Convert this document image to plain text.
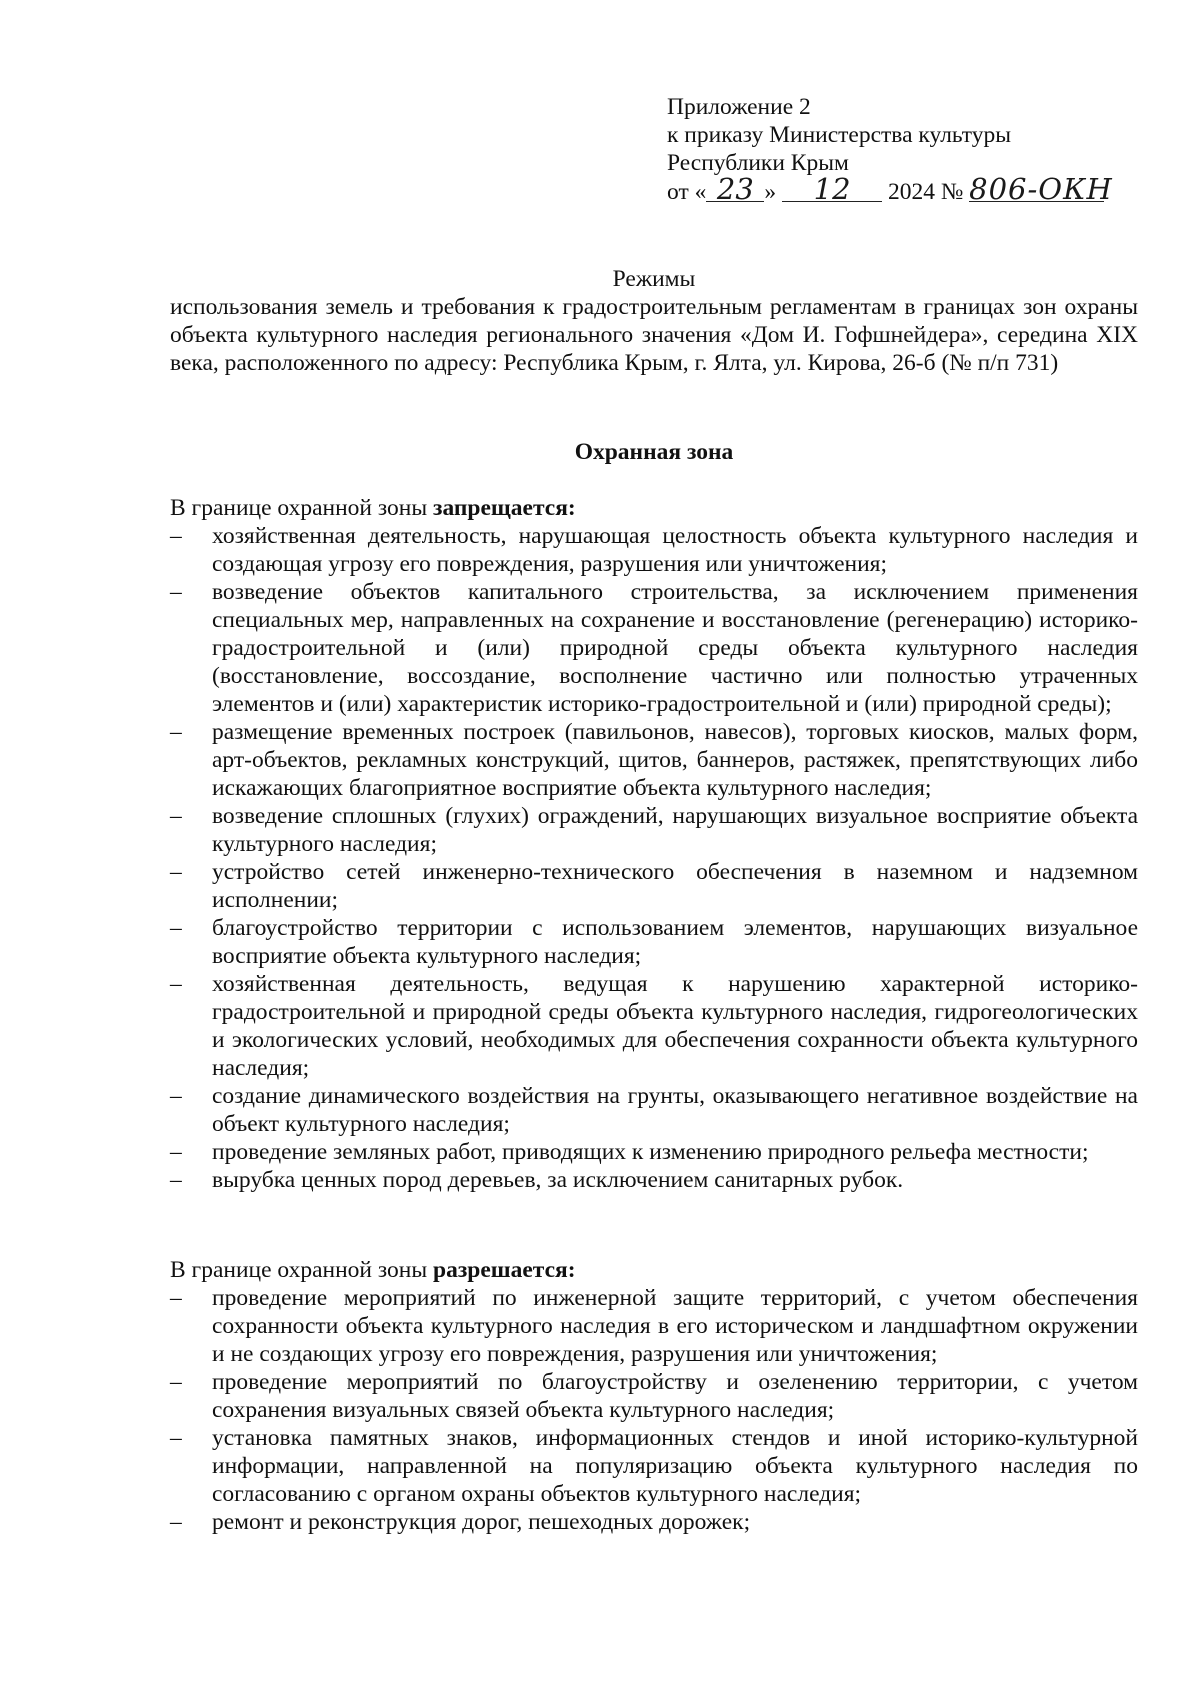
Приложение 2
к приказу Министерства культуры
Республики Крым
от « 23 » 12 2024 № 806-ОКН
Режимы
использования земель и требования к градостроительным регламентам в границах зон охраны объекта культурного наследия регионального значения «Дом И. Гофшнейдера», середина XIX века, расположенного по адресу: Республика Крым, г. Ялта, ул. Кирова, 26-б (№ п/п 731)
Охранная зона

В границе охранной зоны запрещается:

– хозяйственная деятельность, нарушающая целостность объекта культурного наследия и создающая угрозу его повреждения, разрушения или уничтожения;
– возведение объектов капитального строительства, за исключением применения специальных мер, направленных на сохранение и восстановление (регенерацию) историко-градостроительной и (или) природной среды объекта культурного наследия (восстановление, воссоздание, восполнение частично или полностью утраченных элементов и (или) характеристик историко-градостроительной и (или) природной среды);
– размещение временных построек (павильонов, навесов), торговых киосков, малых форм, арт-объектов, рекламных конструкций, щитов, баннеров, растяжек, препятствующих либо искажающих благоприятное восприятие объекта культурного наследия;
– возведение сплошных (глухих) ограждений, нарушающих визуальное восприятие объекта культурного наследия;
– устройство сетей инженерно-технического обеспечения в наземном и надземном исполнении;
– благоустройство территории с использованием элементов, нарушающих визуальное восприятие объекта культурного наследия;
– хозяйственная деятельность, ведущая к нарушению характерной историко-градостроительной и природной среды объекта культурного наследия, гидрогеологических и экологических условий, необходимых для обеспечения сохранности объекта культурного наследия;
– создание динамического воздействия на грунты, оказывающего негативное воздействие на объект культурного наследия;
– проведение земляных работ, приводящих к изменению природного рельефа местности;
– вырубка ценных пород деревьев, за исключением санитарных рубок.

В границе охранной зоны разрешается:

– проведение мероприятий по инженерной защите территорий, с учетом обеспечения сохранности объекта культурного наследия в его историческом и ландшафтном окружении и не создающих угрозу его повреждения, разрушения или уничтожения;
– проведение мероприятий по благоустройству и озеленению территории, с учетом сохранения визуальных связей объекта культурного наследия;
– установка памятных знаков, информационных стендов и иной историко-культурной информации, направленной на популяризацию объекта культурного наследия по согласованию с органом охраны объектов культурного наследия;
– ремонт и реконструкция дорог, пешеходных дорожек;
